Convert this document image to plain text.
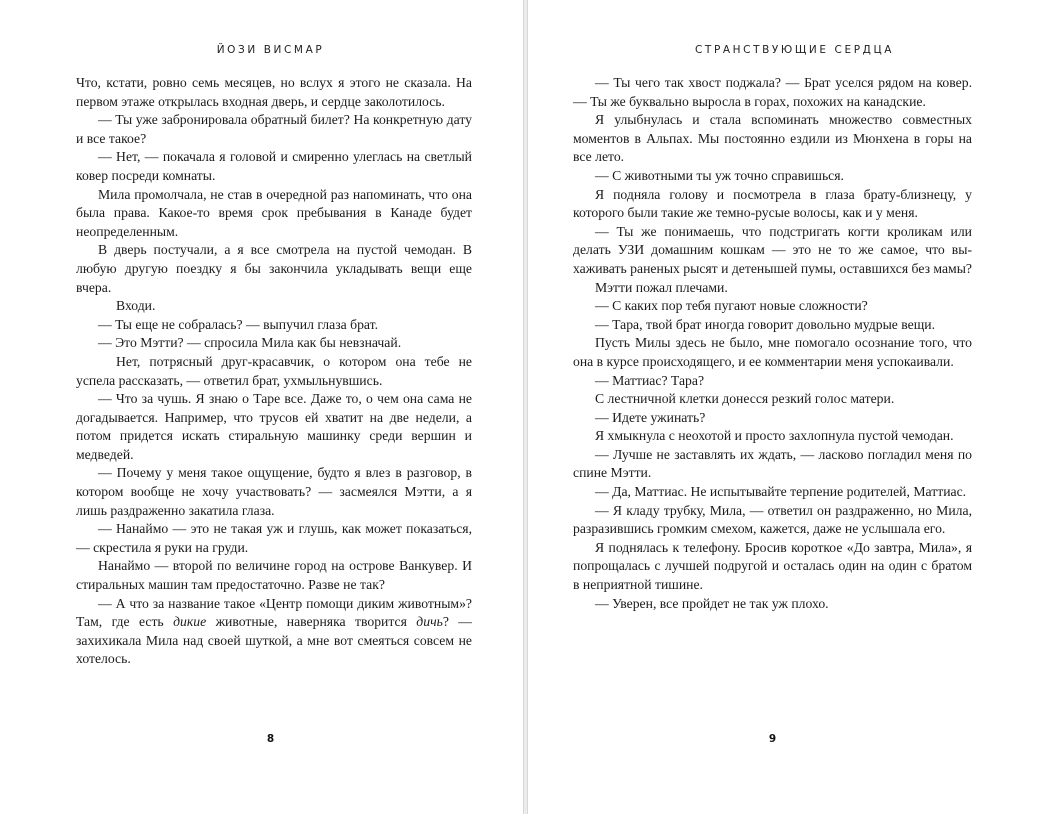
ЙОЗИ ВИСМАР

Что, кстати, ровно семь месяцев, но вслух я этого не сказала. На первом этаже открылась входная дверь, и сердце заколотилось.

— Ты уже забронировала обратный билет? На конкретную дату и все такое?

— Нет, — покачала я головой и смиренно улеглась на светлый ковер посреди комнаты.

Мила промолчала, не став в очередной раз напоминать, что она была права. Какое-то время срок пребывания в Канаде будет неопределенным.

В дверь постучали, а я все смотрела на пустой чемодан. В любую другую поездку я бы закончила укладывать вещи еще вчера.

Входи.

— Ты еще не собралась? — выпучил глаза брат.

— Это Мэтти? — спросила Мила как бы невзначай.

Нет, потрясный друг-красавчик, о котором она тебе не успела рассказать, — ответил брат, ухмыльнувшись.

— Что за чушь. Я знаю о Таре все. Даже то, о чем она сама не догадывается. Например, что трусов ей хватит на две недели, а потом придется искать стиральную машинку среди вершин и медведей.

— Почему у меня такое ощущение, будто я влез в разговор, в котором вообще не хочу участвовать? — засмеялся Мэтти, а я лишь раздраженно закатила глаза.

— Нанаймо — это не такая уж и глушь, как может показаться, — скрестила я руки на груди.

Нанаймо — второй по величине город на острове Ванкувер. И стиральных машин там предостаточно. Разве не так?

— А что за название такое «Центр помощи диким животным»? Там, где есть дикие животные, наверняка творится дичь? — захихикала Мила над своей шуткой, а мне вот смеяться совсем не хотелось.

8
СТРАНСТВУЮЩИЕ СЕРДЦА

— Ты чего так хвост поджала? — Брат уселся рядом на ковер. — Ты же буквально выросла в горах, похожих на канадские.

Я улыбнулась и стала вспоминать множество совместных моментов в Альпах. Мы постоянно ездили из Мюнхена в горы на все лето.

— С животными ты уж точно справишься.

Я подняла голову и посмотрела в глаза брату-близнецу, у которого были такие же темно-русые волосы, как и у меня.

— Ты же понимаешь, что подстригать когти кроликам или делать УЗИ домашним кошкам — это не то же самое, что выхаживать раненых рысят и детенышей пумы, оставшихся без мамы?

Мэтти пожал плечами.

— С каких пор тебя пугают новые сложности?

— Тара, твой брат иногда говорит довольно мудрые вещи.

Пусть Милы здесь не было, мне помогало осознание того, что она в курсе происходящего, и ее комментарии меня успокаивали.

— Маттиас? Тара?

С лестничной клетки донесся резкий голос матери.

— Идете ужинать?

Я хмыкнула с неохотой и просто захлопнула пустой чемодан.

— Лучше не заставлять их ждать, — ласково погладил меня по спине Мэтти.

— Да, Маттиас. Не испытывайте терпение родителей, Маттиас.

— Я кладу трубку, Мила, — ответил он раздраженно, но Мила, разразившись громким смехом, кажется, даже не услышала его.

Я поднялась к телефону. Бросив короткое «До завтра, Мила», я попрощалась с лучшей подругой и осталась один на один с братом в неприятной тишине.

— Уверен, все пройдет не так уж плохо.

9
